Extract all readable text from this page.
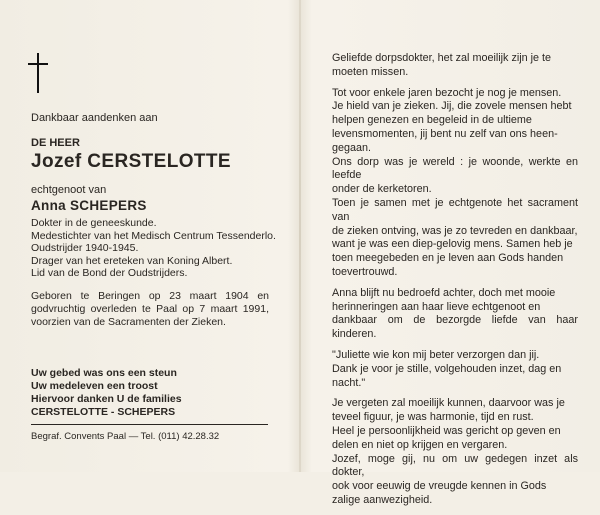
Dankbaar aandenken aan
DE HEER
Jozef CERSTELOTTE
echtgenoot van
Anna SCHEPERS
Dokter in de geneeskunde.
Medestichter van het Medisch Centrum Tessenderlo.
Oudstrijder 1940-1945.
Drager van het ereteken van Koning Albert.
Lid van de Bond der Oudstrijders.
Geboren te Beringen op 23 maart 1904 en
godvruchtig overleden te Paal op 7 maart 1991,
voorzien van de Sacramenten der Zieken.
Uw gebed was ons een steun
Uw medeleven een troost
Hiervoor danken U de families
CERSTELOTTE - SCHEPERS
Begraf. Convents Paal — Tel. (011) 42.28.32

Geliefde dorpsdokter, het zal moeilijk zijn je te
moeten missen.

Tot voor enkele jaren bezocht je nog je mensen.
Je hield van je zieken. Jij, die zovele mensen hebt
helpen genezen en begeleid in de ultieme
levensmomenten, jij bent nu zelf van ons heen-
gegaan.
Ons dorp was je wereld : je woonde, werkte en leefde
onder de kerketoren.
Toen je samen met je echtgenote het sacrament van
de zieken ontving, was je zo tevreden en dankbaar,
want je was een diep-gelovig mens. Samen heb je
toen meegebeden en je leven aan Gods handen
toevertrouwd.

Anna blijft nu bedroefd achter, doch met mooie
herinneringen aan haar lieve echtgenoot en
dankbaar om de bezorgde liefde van haar kinderen.

"Juliette wie kon mij beter verzorgen dan jij.
Dank je voor je stille, volgehouden inzet, dag en
nacht."

Je vergeten zal moeilijk kunnen, daarvoor was je
teveel figuur, je was harmonie, tijd en rust.
Heel je persoonlijkheid was gericht op geven en
delen en niet op krijgen en vergaren.
Jozef, moge gij, nu om uw gedegen inzet als dokter,
ook voor eeuwig de vreugde kennen in Gods
zalige aanwezigheid.
